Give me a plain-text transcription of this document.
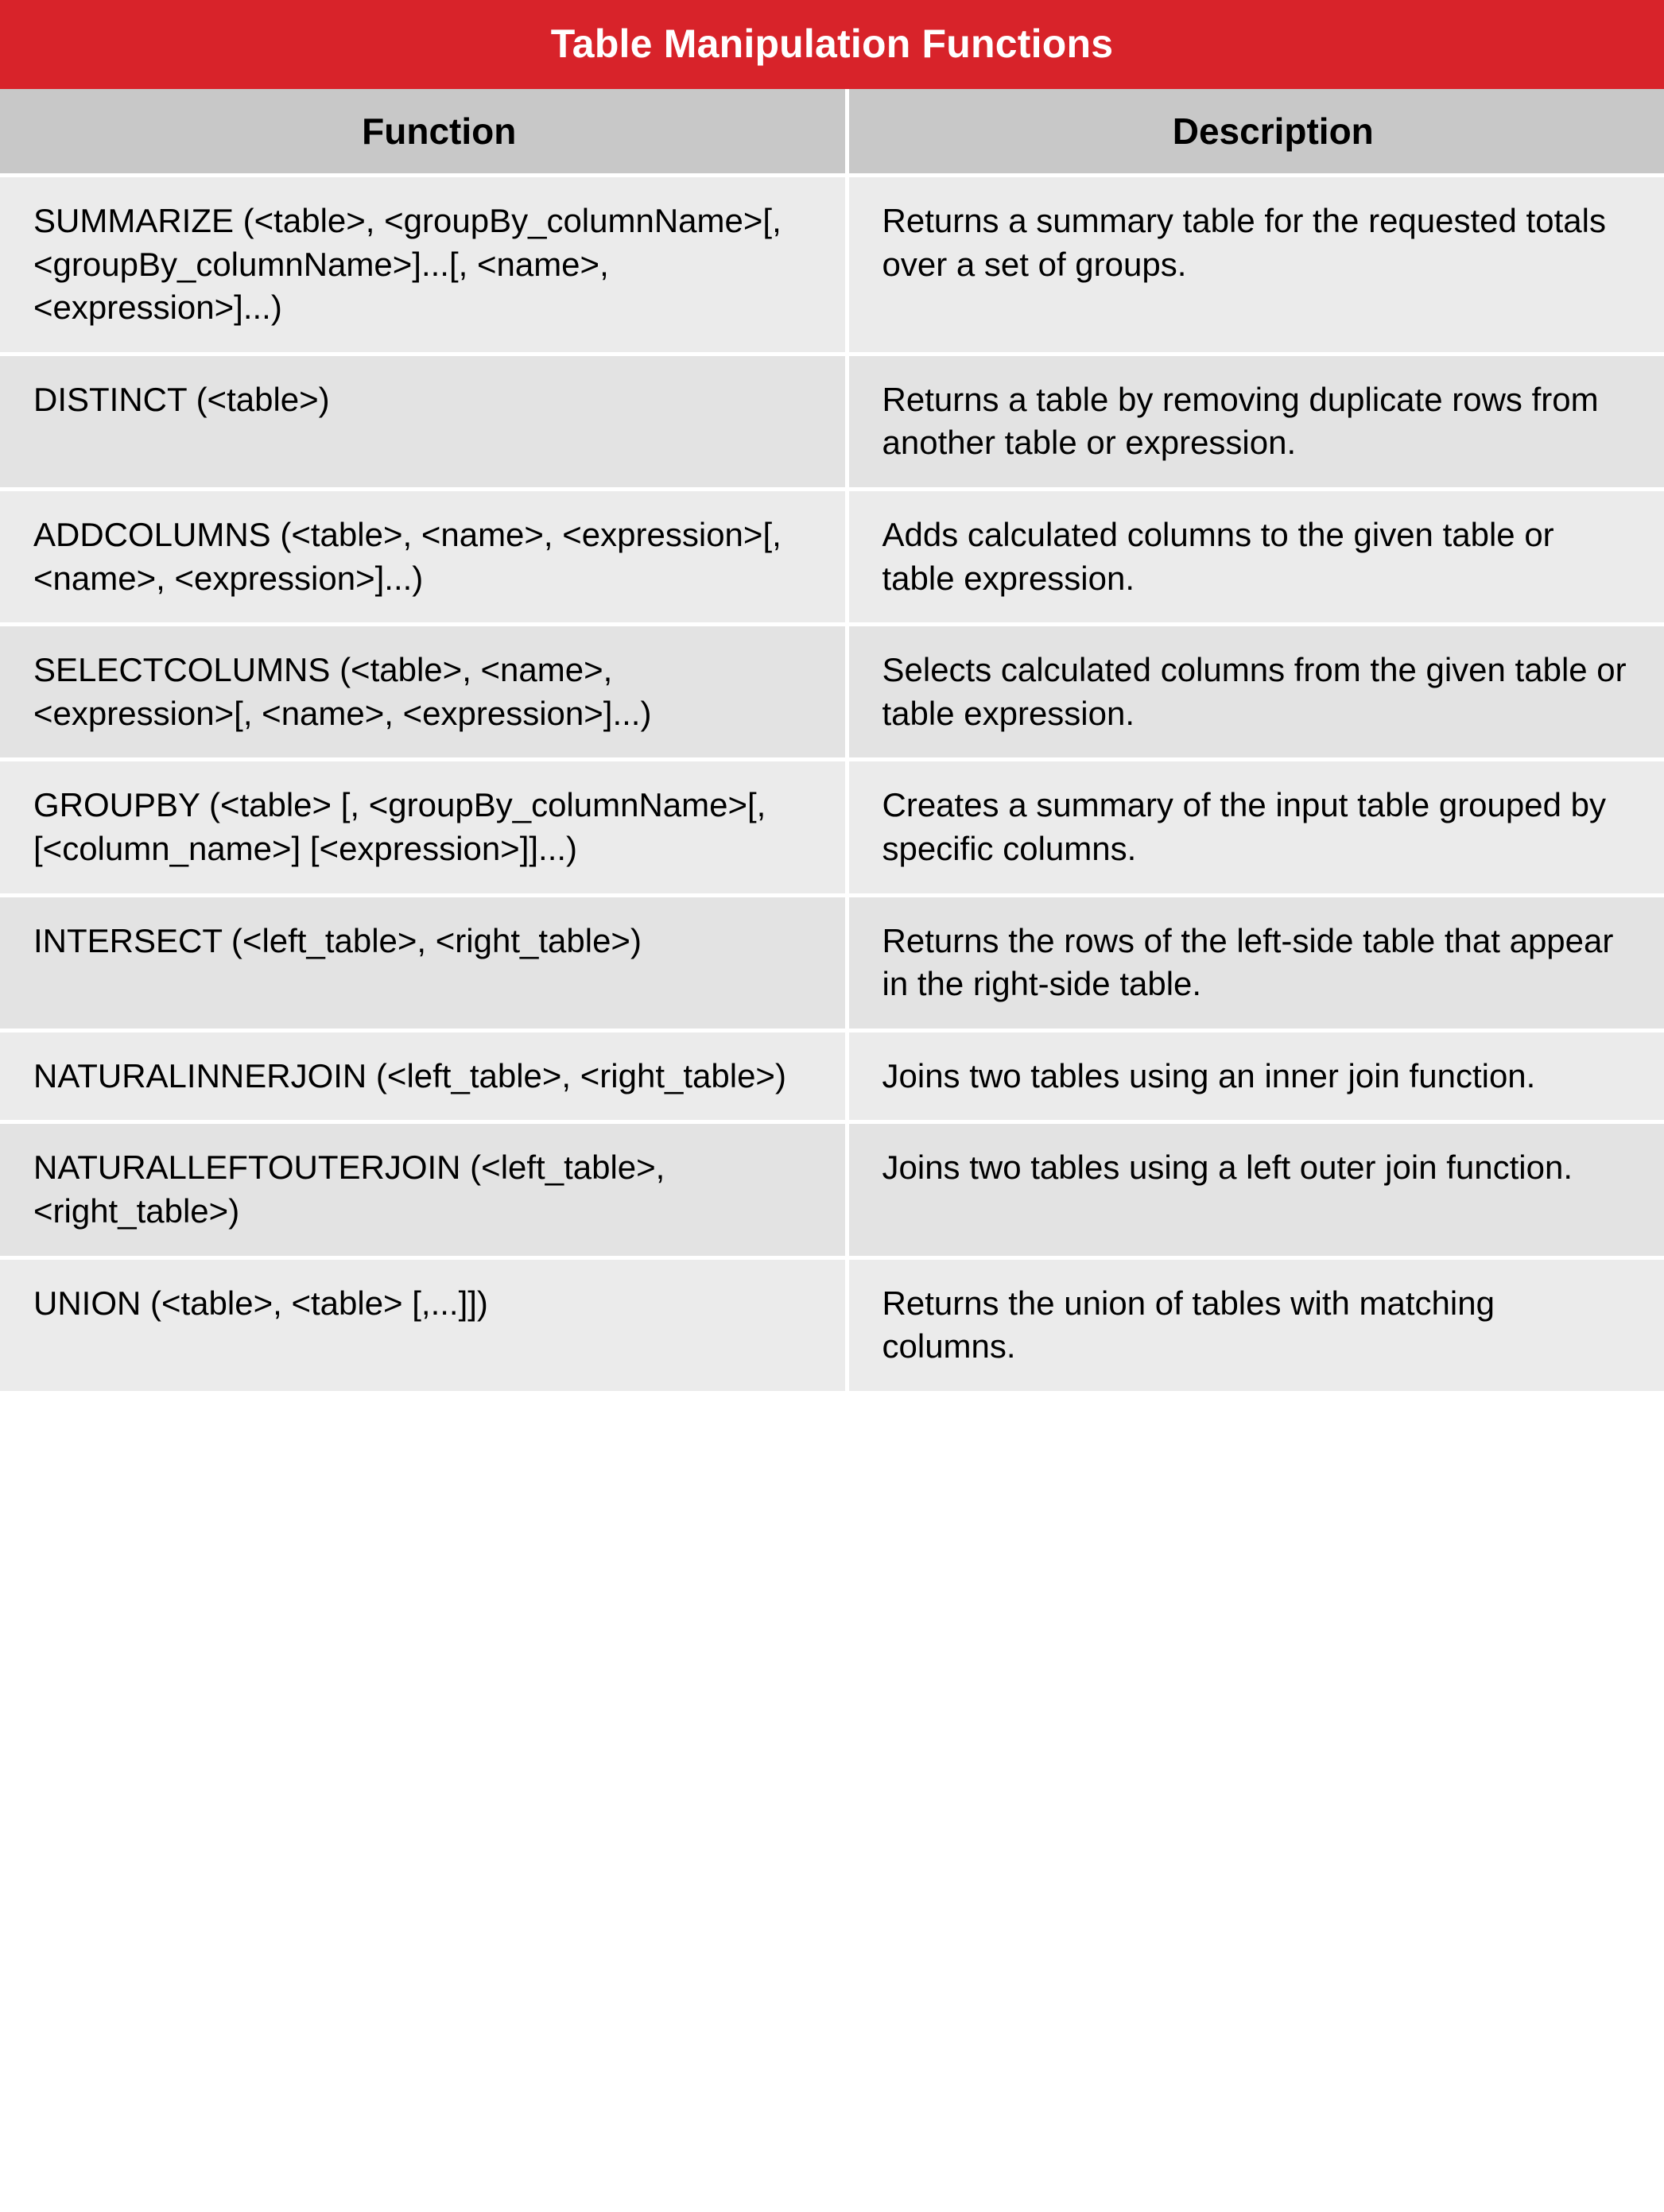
Table Manipulation Functions	
Function	Description
SUMMARIZE (<table>, <groupBy_columnName>[, <groupBy_columnName>]...[, <name>, <expression>]...)	Returns a summary table for the requested totals over a set of groups.
DISTINCT (<table>)	Returns a table by removing duplicate rows from another table or expression.
ADDCOLUMNS (<table>, <name>, <expression>[, <name>, <expression>]...)	Adds calculated columns to the given table or table expression.
SELECTCOLUMNS (<table>, <name>, <expression>[, <name>, <expression>]...)	Selects calculated columns from the given table or table expression.
GROUPBY (<table> [, <groupBy_columnName>[, [<column_name>] [<expression>]]...)	Creates a summary of the input table grouped by specific columns.
INTERSECT (<left_table>, <right_table>)	Returns the rows of the left-side table that appear in the right-side table.
NATURALINNERJOIN (<left_table>, <right_table>)	Joins two tables using an inner join function.
NATURALLEFTOUTERJOIN (<left_table>, <right_table>)	Joins two tables using a left outer join function.
UNION (<table>, <table> [,...]])	Returns the union of tables with matching columns.
